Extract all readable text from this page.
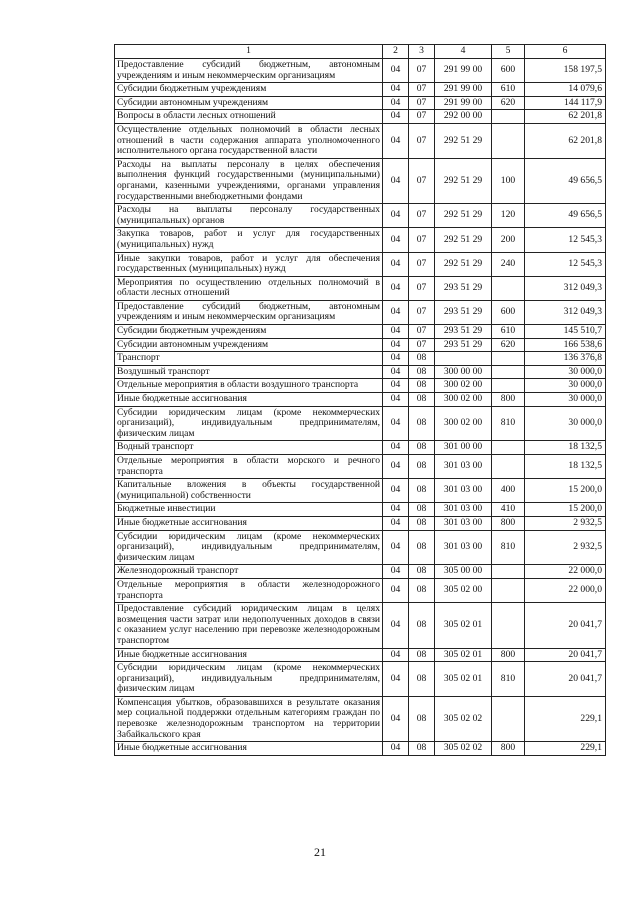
1	2	3	4	5	6
Предоставление субсидий бюджетным, автономным учреждениям и иным некоммерческим организациям	04	07	291 99 00	600	158 197,5
Субсидии бюджетным учреждениям	04	07	291 99 00	610	14 079,6
Субсидии автономным учреждениям	04	07	291 99 00	620	144 117,9
Вопросы в области лесных отношений	04	07	292 00 00		62 201,8
Осуществление отдельных полномочий в области лесных отношений в части содержания аппарата уполномоченного исполнительного органа государственной власти	04	07	292 51 29		62 201,8
Расходы на выплаты персоналу в целях обеспечения выполнения функций государственными (муниципальными) органами, казенными учреждениями, органами управления государственными внебюджетными фондами	04	07	292 51 29	100	49 656,5
Расходы на выплаты персоналу государственных (муниципальных) органов	04	07	292 51 29	120	49 656,5
Закупка товаров, работ и услуг для государственных (муниципальных) нужд	04	07	292 51 29	200	12 545,3
Иные закупки товаров, работ и услуг для обеспечения государственных (муниципальных) нужд	04	07	292 51 29	240	12 545,3
Мероприятия по осуществлению отдельных полномочий в области лесных отношений	04	07	293 51 29		312 049,3
Предоставление субсидий бюджетным, автономным учреждениям и иным некоммерческим организациям	04	07	293 51 29	600	312 049,3
Субсидии бюджетным учреждениям	04	07	293 51 29	610	145 510,7
Субсидии автономным учреждениям	04	07	293 51 29	620	166 538,6
Транспорт	04	08			136 376,8
Воздушный транспорт	04	08	300 00 00		30 000,0
Отдельные мероприятия в области воздушного транспорта	04	08	300 02 00		30 000,0
Иные бюджетные ассигнования	04	08	300 02 00	800	30 000,0
Субсидии юридическим лицам (кроме некоммерческих организаций), индивидуальным предпринимателям, физическим лицам	04	08	300 02 00	810	30 000,0
Водный транспорт	04	08	301 00 00		18 132,5
Отдельные мероприятия в области морского и речного транспорта	04	08	301 03 00		18 132,5
Капитальные вложения в объекты государственной (муниципальной) собственности	04	08	301 03 00	400	15 200,0
Бюджетные инвестиции	04	08	301 03 00	410	15 200,0
Иные бюджетные ассигнования	04	08	301 03 00	800	2 932,5
Субсидии юридическим лицам (кроме некоммерческих организаций), индивидуальным предпринимателям, физическим лицам	04	08	301 03 00	810	2 932,5
Железнодорожный транспорт	04	08	305 00 00		22 000,0
Отдельные мероприятия в области железнодорожного транспорта	04	08	305 02 00		22 000,0
Предоставление субсидий юридическим лицам в целях возмещения части затрат или недополученных доходов в связи с оказанием услуг населению при перевозке железнодорожным транспортом	04	08	305 02 01		20 041,7
Иные бюджетные ассигнования	04	08	305 02 01	800	20 041,7
Субсидии юридическим лицам (кроме некоммерческих организаций), индивидуальным предпринимателям, физическим лицам	04	08	305 02 01	810	20 041,7
Компенсация убытков, образовавшихся в результате оказания мер социальной поддержки отдельным категориям граждан по перевозке железнодорожным транспортом на территории Забайкальского края	04	08	305 02 02		229,1
Иные бюджетные ассигнования	04	08	305 02 02	800	229,1
21
